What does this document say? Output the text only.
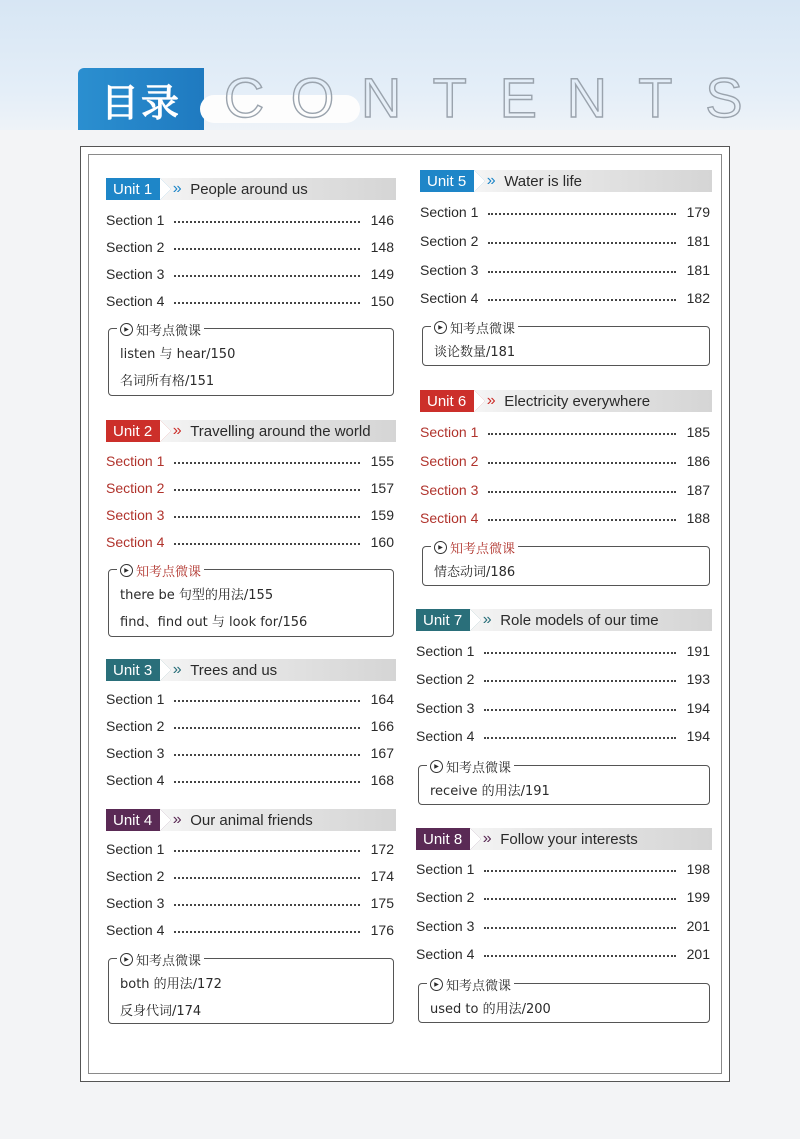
目录 C O N T E N T S
Unit 1	» People around us
Section 1	146
Section 2	148
Section 3	149
Section 4	150
▶ 知考点微课
listen 与 hear/150
名词所有格/151
Unit 2	» Travelling around the world
Section 1	155
Section 2	157
Section 3	159
Section 4	160
▶ 知考点微课
there be 句型的用法/155
find、find out 与 look for/156
Unit 3	» Trees and us
Section 1	164
Section 2	166
Section 3	167
Section 4	168
Unit 4	» Our animal friends
Section 1	172
Section 2	174
Section 3	175
Section 4	176
▶ 知考点微课
both 的用法/172
反身代词/174
Unit 5	» Water is life
Section 1	179
Section 2	181
Section 3	181
Section 4	182
▶ 知考点微课
谈论数量/181
Unit 6	» Electricity everywhere
Section 1	185
Section 2	186
Section 3	187
Section 4	188
▶ 知考点微课
情态动词/186
Unit 7	» Role models of our time
Section 1	191
Section 2	193
Section 3	194
Section 4	194
▶ 知考点微课
receive 的用法/191
Unit 8	» Follow your interests
Section 1	198
Section 2	199
Section 3	201
Section 4	201
▶ 知考点微课
used to 的用法/200
